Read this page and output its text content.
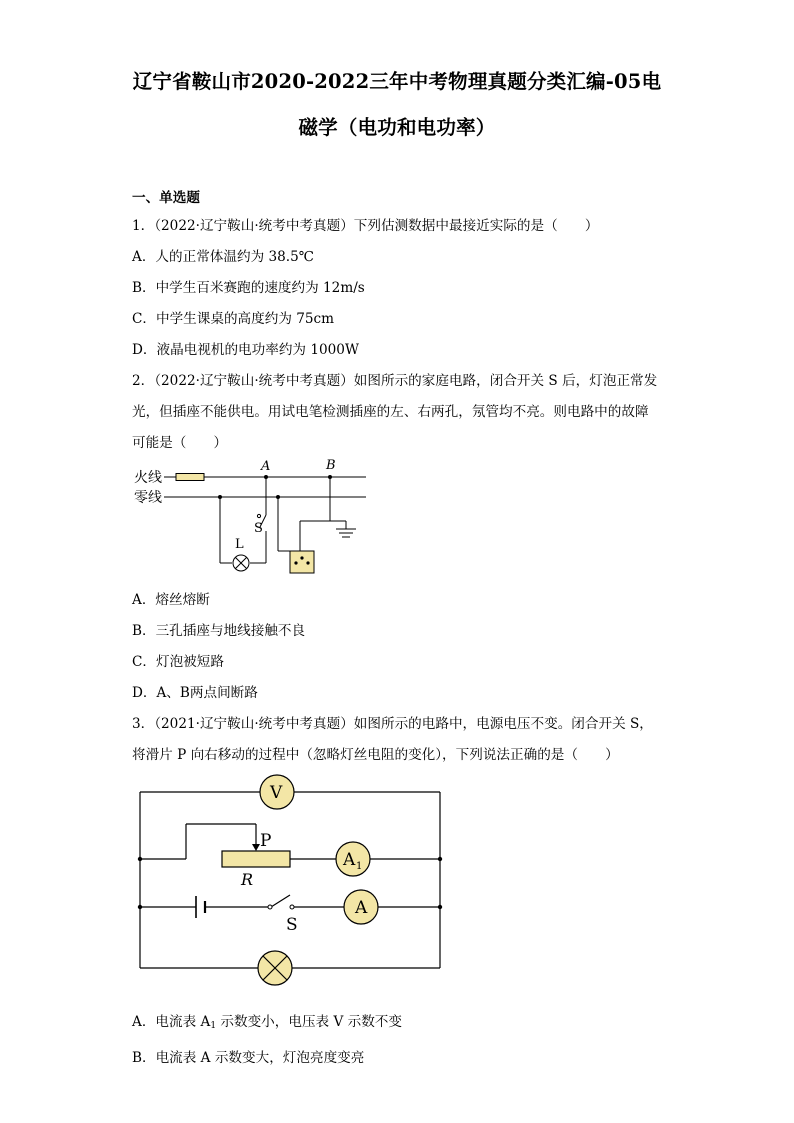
辽宁省鞍山市2020-2022三年中考物理真题分类汇编-05电
磁学（电功和电功率）
一、单选题
1．（2022·辽宁鞍山·统考中考真题）下列估测数据中最接近实际的是（　　）
A．人的正常体温约为 38.5℃
B．中学生百米赛跑的速度约为 12m/s
C．中学生课桌的高度约为 75cm
D．液晶电视机的电功率约为 1000W
2．（2022·辽宁鞍山·统考中考真题）如图所示的家庭电路，闭合开关 S 后，灯泡正常发
光，但插座不能供电。用试电笔检测插座的左、右两孔，氖管均不亮。则电路中的故障
可能是（　　）
火线
零线
A	B
S
L
A．熔丝熔断
B．三孔插座与地线接触不良
C．灯泡被短路
D．A、B两点间断路
3．（2021·辽宁鞍山·统考中考真题）如图所示的电路中，电源电压不变。闭合开关 S，
将滑片 P 向右移动的过程中（忽略灯丝电阻的变化），下列说法正确的是（　　）
V
P
R
A 1
A
S
A．电流表 $A_1$ 示数变小，电压表 V 示数不变
B．电流表 A 示数变大，灯泡亮度变亮
